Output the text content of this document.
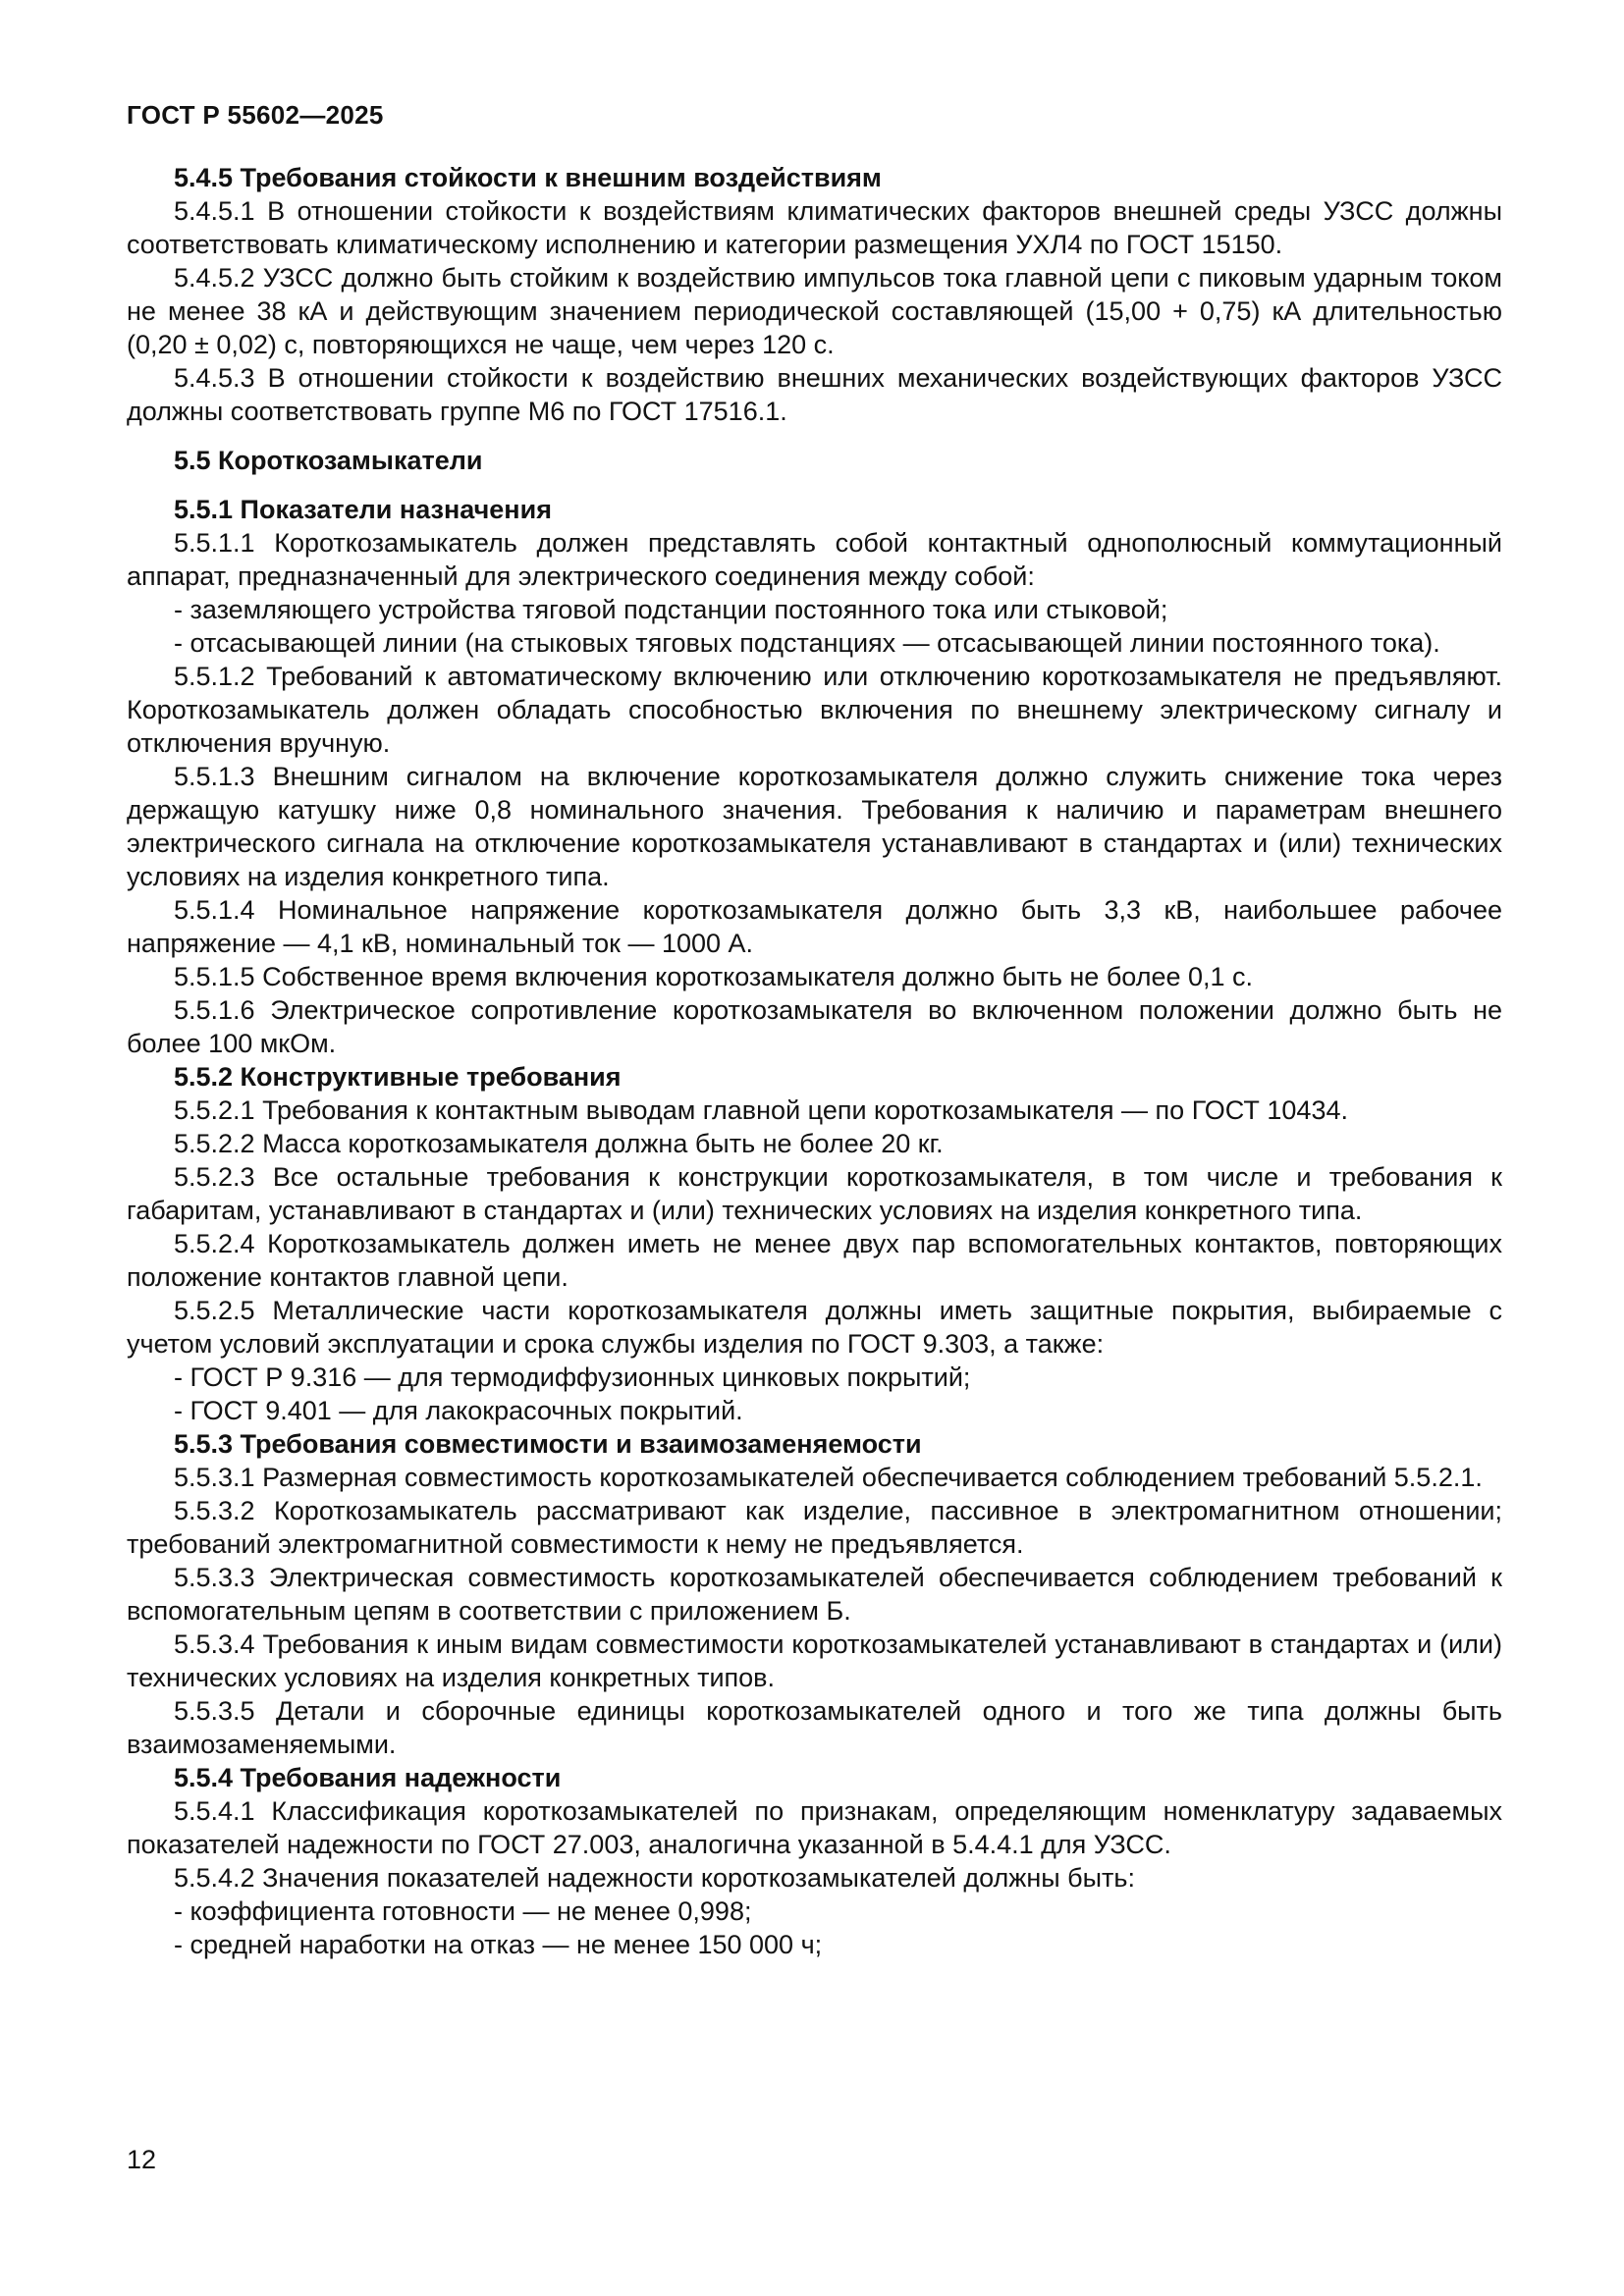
ГОСТ Р 55602—2025
5.4.5 Требования стойкости к внешним воздействиям
5.4.5.1 В отношении стойкости к воздействиям климатических факторов внешней среды УЗСС должны соответствовать климатическому исполнению и категории размещения УХЛ4 по ГОСТ 15150.
5.4.5.2 УЗСС должно быть стойким к воздействию импульсов тока главной цепи с пиковым ударным током не менее 38 кА и действующим значением периодической составляющей (15,00 + 0,75) кА длительностью (0,20 ± 0,02) с, повторяющихся не чаще, чем через 120 с.
5.4.5.3 В отношении стойкости к воздействию внешних механических воздействующих факторов УЗСС должны соответствовать группе М6 по ГОСТ 17516.1.
5.5 Короткозамыкатели
5.5.1 Показатели назначения
5.5.1.1 Короткозамыкатель должен представлять собой контактный однополюсный коммутационный аппарат, предназначенный для электрического соединения между собой:
- заземляющего устройства тяговой подстанции постоянного тока или стыковой;
- отсасывающей линии (на стыковых тяговых подстанциях — отсасывающей линии постоянного тока).
5.5.1.2 Требований к автоматическому включению или отключению короткозамыкателя не предъявляют. Короткозамыкатель должен обладать способностью включения по внешнему электрическому сигналу и отключения вручную.
5.5.1.3 Внешним сигналом на включение короткозамыкателя должно служить снижение тока через держащую катушку ниже 0,8 номинального значения. Требования к наличию и параметрам внешнего электрического сигнала на отключение короткозамыкателя устанавливают в стандартах и (или) технических условиях на изделия конкретного типа.
5.5.1.4 Номинальное напряжение короткозамыкателя должно быть 3,3 кВ, наибольшее рабочее напряжение — 4,1 кВ, номинальный ток — 1000 А.
5.5.1.5 Собственное время включения короткозамыкателя должно быть не более 0,1 с.
5.5.1.6 Электрическое сопротивление короткозамыкателя во включенном положении должно быть не более 100 мкОм.
5.5.2 Конструктивные требования
5.5.2.1 Требования к контактным выводам главной цепи короткозамыкателя — по ГОСТ 10434.
5.5.2.2 Масса короткозамыкателя должна быть не более 20 кг.
5.5.2.3 Все остальные требования к конструкции короткозамыкателя, в том числе и требования к габаритам, устанавливают в стандартах и (или) технических условиях на изделия конкретного типа.
5.5.2.4 Короткозамыкатель должен иметь не менее двух пар вспомогательных контактов, повторяющих положение контактов главной цепи.
5.5.2.5 Металлические части короткозамыкателя должны иметь защитные покрытия, выбираемые с учетом условий эксплуатации и срока службы изделия по ГОСТ 9.303, а также:
- ГОСТ Р 9.316 — для термодиффузионных цинковых покрытий;
- ГОСТ 9.401 — для лакокрасочных покрытий.
5.5.3 Требования совместимости и взаимозаменяемости
5.5.3.1 Размерная совместимость короткозамыкателей обеспечивается соблюдением требований 5.5.2.1.
5.5.3.2 Короткозамыкатель рассматривают как изделие, пассивное в электромагнитном отношении; требований электромагнитной совместимости к нему не предъявляется.
5.5.3.3 Электрическая совместимость короткозамыкателей обеспечивается соблюдением требований к вспомогательным цепям в соответствии с приложением Б.
5.5.3.4 Требования к иным видам совместимости короткозамыкателей устанавливают в стандартах и (или) технических условиях на изделия конкретных типов.
5.5.3.5 Детали и сборочные единицы короткозамыкателей одного и того же типа должны быть взаимозаменяемыми.
5.5.4 Требования надежности
5.5.4.1 Классификация короткозамыкателей по признакам, определяющим номенклатуру задаваемых показателей надежности по ГОСТ 27.003, аналогична указанной в 5.4.4.1 для УЗСС.
5.5.4.2 Значения показателей надежности короткозамыкателей должны быть:
- коэффициента готовности — не менее 0,998;
- средней наработки на отказ — не менее 150 000 ч;
12
